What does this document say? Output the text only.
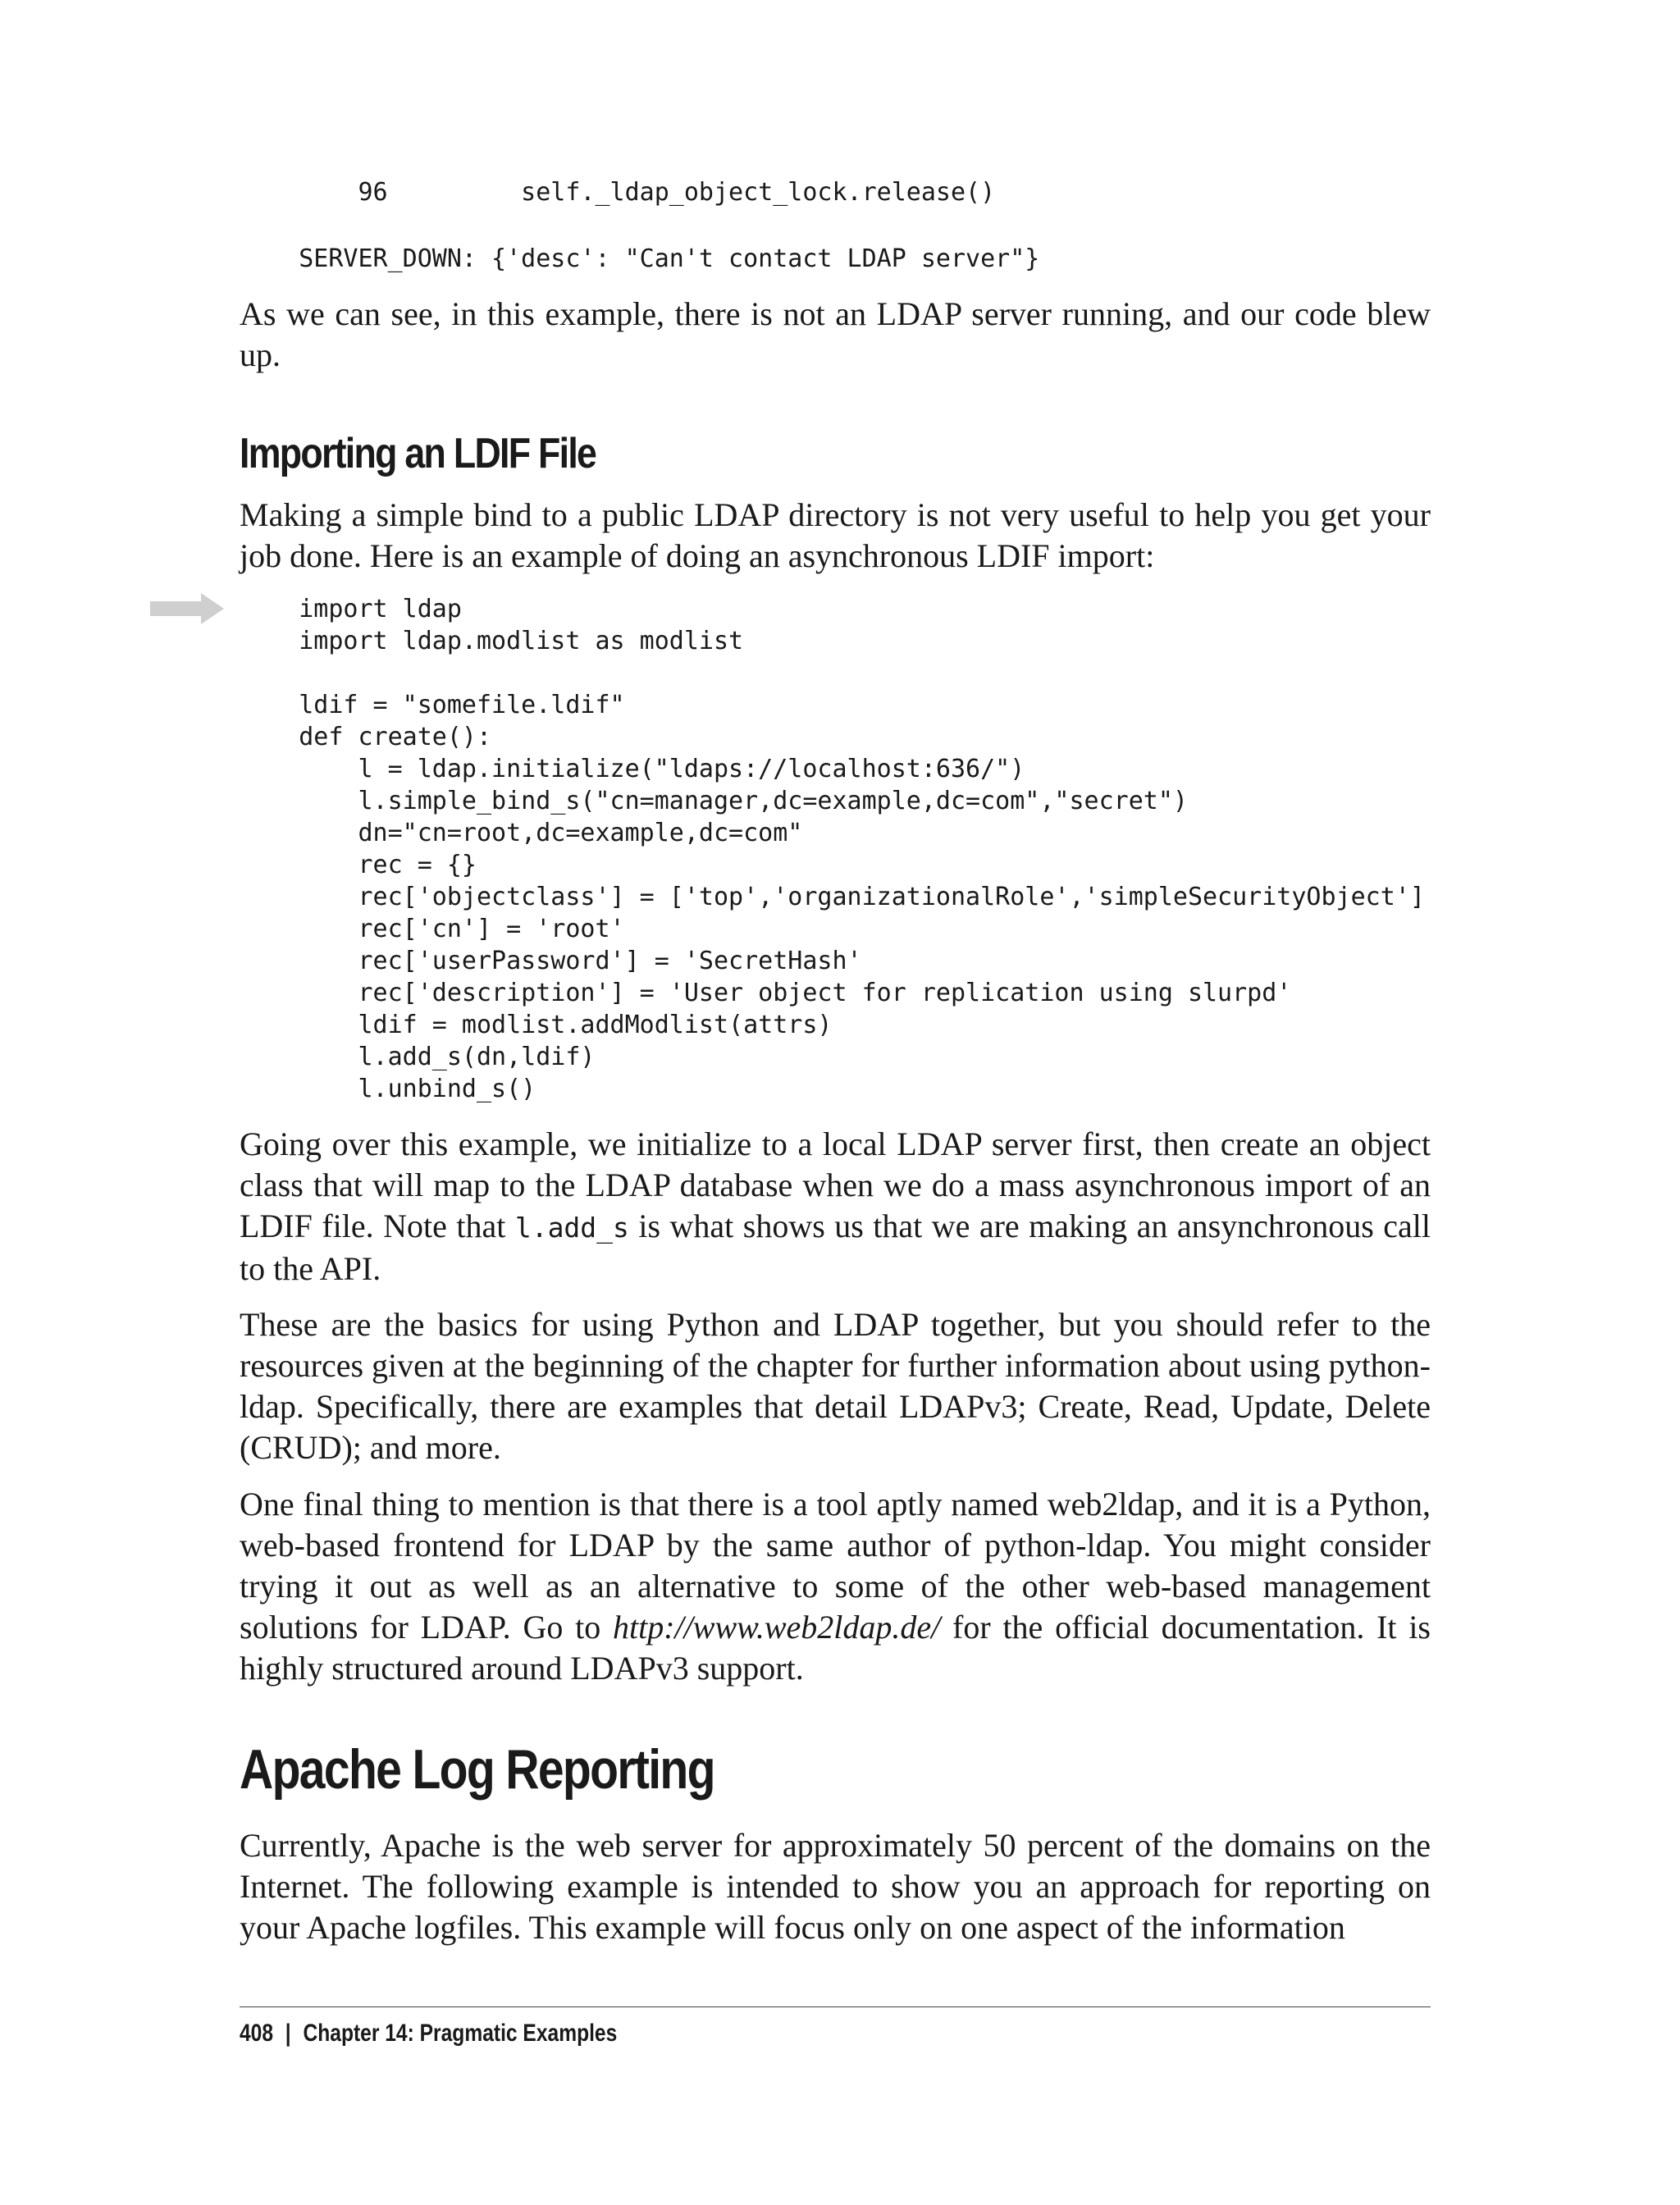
96         self._ldap_object_lock.release()
SERVER_DOWN: {'desc': "Can't contact LDAP server"}

As we can see, in this example, there is not an LDAP server running, and our code blew up.

Importing an LDIF File

Making a simple bind to a public LDAP directory is not very useful to help you get your job done. Here is an example of doing an asynchronous LDIF import:

import ldap
import ldap.modlist as modlist

ldif = "somefile.ldif"
def create():
l = ldap.initialize("ldaps://localhost:636/")
l.simple_bind_s("cn=manager,dc=example,dc=com","secret")
dn="cn=root,dc=example,dc=com"
rec = {}
rec['objectclass'] = ['top','organizationalRole','simpleSecurityObject']
rec['cn'] = 'root'
rec['userPassword'] = 'SecretHash'
rec['description'] = 'User object for replication using slurpd'
ldif = modlist.addModlist(attrs)
l.add_s(dn,ldif)
l.unbind_s()

Going over this example, we initialize to a local LDAP server first, then create an object class that will map to the LDAP database when we do a mass asynchronous import of an LDIF file. Note that l.add_s is what shows us that we are making an ansynchronous call to the API.

These are the basics for using Python and LDAP together, but you should refer to the resources given at the beginning of the chapter for further information about using python-ldap. Specifically, there are examples that detail LDAPv3; Create, Read, Update, Delete (CRUD); and more.

One final thing to mention is that there is a tool aptly named web2ldap, and it is a Python, web-based frontend for LDAP by the same author of python-ldap. You might consider trying it out as well as an alternative to some of the other web-based management solutions for LDAP. Go to http://www.web2ldap.de/ for the official documentation. It is highly structured around LDAPv3 support.

Apache Log Reporting

Currently, Apache is the web server for approximately 50 percent of the domains on the Internet. The following example is intended to show you an approach for reporting on your Apache logfiles. This example will focus only on one aspect of the information

408 | Chapter 14: Pragmatic Examples
